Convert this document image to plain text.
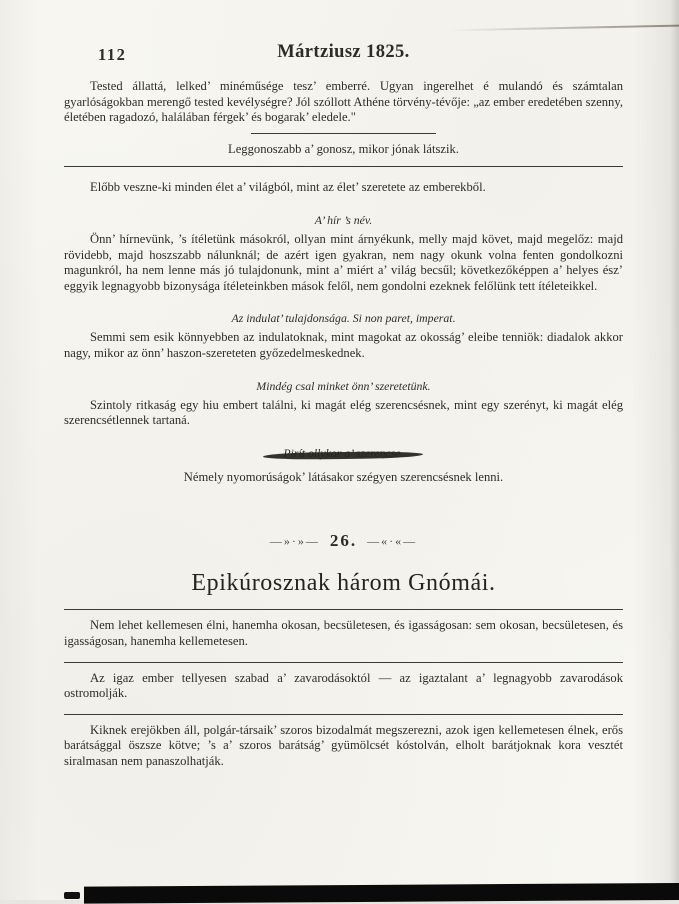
112	Mártziusz 1825.

Tested állattá, lelked’ minéműsége tesz’ emberré. Ugyan ingerelhet é mulandó és számtalan gyarlóságokban merengő tested kevélységre? Jól szóllott Athéne törvény-tévője: „az ember eredetében szenny, életében ragadozó, halálában férgek’ és bogarak’ eledele."

Leggonoszabb a’ gonosz, mikor jónak látszik.

Előbb veszne-ki minden élet a’ világból, mint az élet’ szeretete az emberekből.

A’ hír ’s név.

Önn’ hírnevünk, ’s ítéletünk másokról, ollyan mint árnyékunk, melly majd követ, majd megelőz: majd rövidebb, majd hoszszabb nálunknál; de azért igen gyakran, nem nagy okunk volna fenten gondolkozni magunkról, ha nem lenne más jó tulajdonunk, mint a’ miért a’ világ becsűl; következőképpen a’ helyes ész’ eggyik legnagyobb bizonysága ítéleteinkben mások felől, nem gondolni ezeknek felőlünk tett ítéleteikkel.

Az indulat’ tulajdonsága. Si non paret, imperat.

Semmi sem esik könnyebben az indulatoknak, mint magokat az okosság’ eleibe tenniök: diadalok akkor nagy, mikor az önn’ haszon-szereteten győzedelmeskednek.

Mindég csal minket önn’ szeretetünk.

Szintoly ritkaság egy hiu embert találni, ki magát elég szerencsésnek, mint egy szerényt, ki magát elég szerencsétlennek tartaná.

Némely nyomorúságok’ látásakor szégyen szerencsésnek lenni.

—»·»— 26. —«·«—
Epikúrosznak három Gnómái.

Nem lehet kellemesen élni, hanemha okosan, becsületesen, és igasságosan: sem okosan, becsületesen, és igasságosan, hanemha kellemetesen.

Az igaz ember tellyesen szabad a’ zavarodásoktól — az igaztalant a’ legnagyobb zavarodások ostromolják.

Kiknek erejökben áll, polgár-társaik’ szoros bizodalmát megszerezni, azok igen kellemetesen élnek, erős barátsággal öszsze kötve; ’s a’ szoros barátság’ gyümölcsét kóstolván, elholt barátjoknak kora vesztét siralmasan nem panaszolhatják.
